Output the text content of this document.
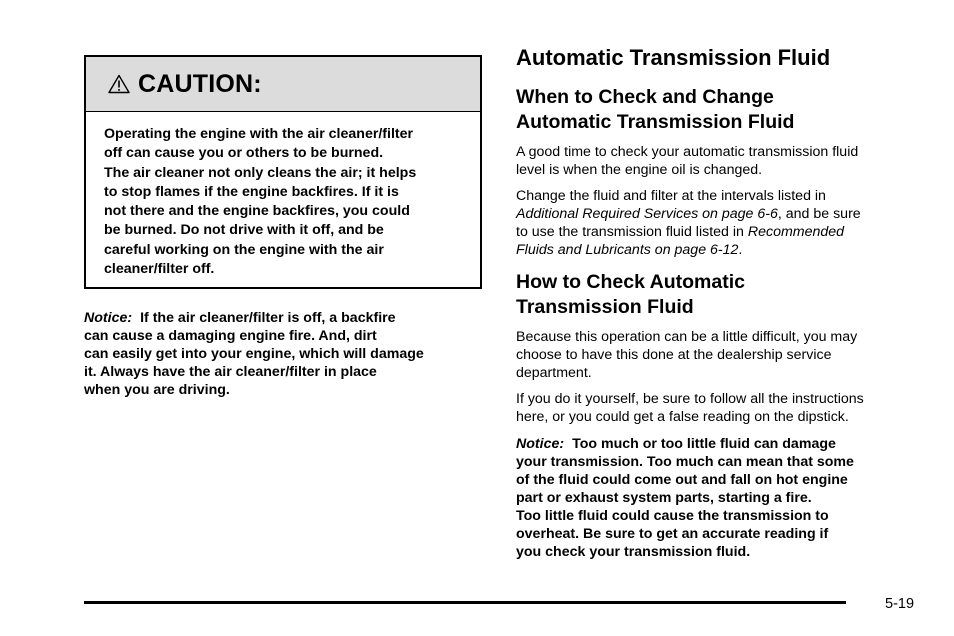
CAUTION:

Operating the engine with the air cleaner/filter

off can cause you or others to be burned.

The air cleaner not only cleans the air; it helps

to stop flames if the engine backfires. If it is

not there and the engine backfires, you could

be burned. Do not drive with it off, and be

careful working on the engine with the air

cleaner/filter off.

Notice: If the air cleaner/filter is off, a backfire
can cause a damaging engine fire. And, dirt
can easily get into your engine, which will damage
it. Always have the air cleaner/filter in place
when you are driving.
Automatic Transmission Fluid
When to Check and Change
Automatic Transmission Fluid
A good time to check your automatic transmission fluid
level is when the engine oil is changed.
Change the fluid and filter at the intervals listed in
Additional Required Services on page 6-6, and be sure
to use the transmission fluid listed in Recommended
Fluids and Lubricants on page 6-12.
How to Check Automatic
Transmission Fluid
Because this operation can be a little difficult, you may
choose to have this done at the dealership service
department.
If you do it yourself, be sure to follow all the instructions
here, or you could get a false reading on the dipstick.
Notice: Too much or too little fluid can damage
your transmission. Too much can mean that some
of the fluid could come out and fall on hot engine
part or exhaust system parts, starting a fire.
Too little fluid could cause the transmission to
overheat. Be sure to get an accurate reading if
you check your transmission fluid.
5-19
